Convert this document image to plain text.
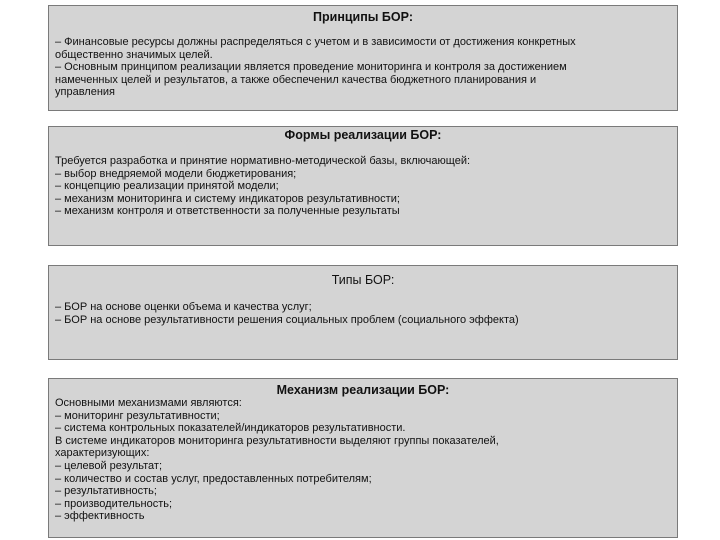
Принципы БОР:
– Финансовые ресурсы должны распределяться с учетом и в зависимости от достижения конкретных
общественно значимых целей.
– Основным принципом реализации является проведение мониторинга и контроля за достижением
намеченных целей и результатов, а также обеспеченил качества бюджетного планирования и
управления
Формы реализации БОР:
Требуется разработка и принятие нормативно-методической базы, включающей:
– выбор внедряемой модели бюджетирования;
– концепцию реализации принятой модели;
– механизм мониторинга и систему индикаторов результативности;
– механизм контроля и ответственности за полученные результаты
Типы БОР:
– БОР на основе оценки объема и качества услуг;
– БОР на основе результативности решения социальных проблем (социального эффекта)
Механизм реализации БОР:
Основными механизмами являются:
– мониторинг результативности;
– система контрольных показателей/индикаторов результативности.
В системе индикаторов мониторинга результативности выделяют группы показателей,
характеризующих:
– целевой результат;
– количество и состав услуг, предоставленных потребителям;
– результативность;
– производительность;
– эффективность
